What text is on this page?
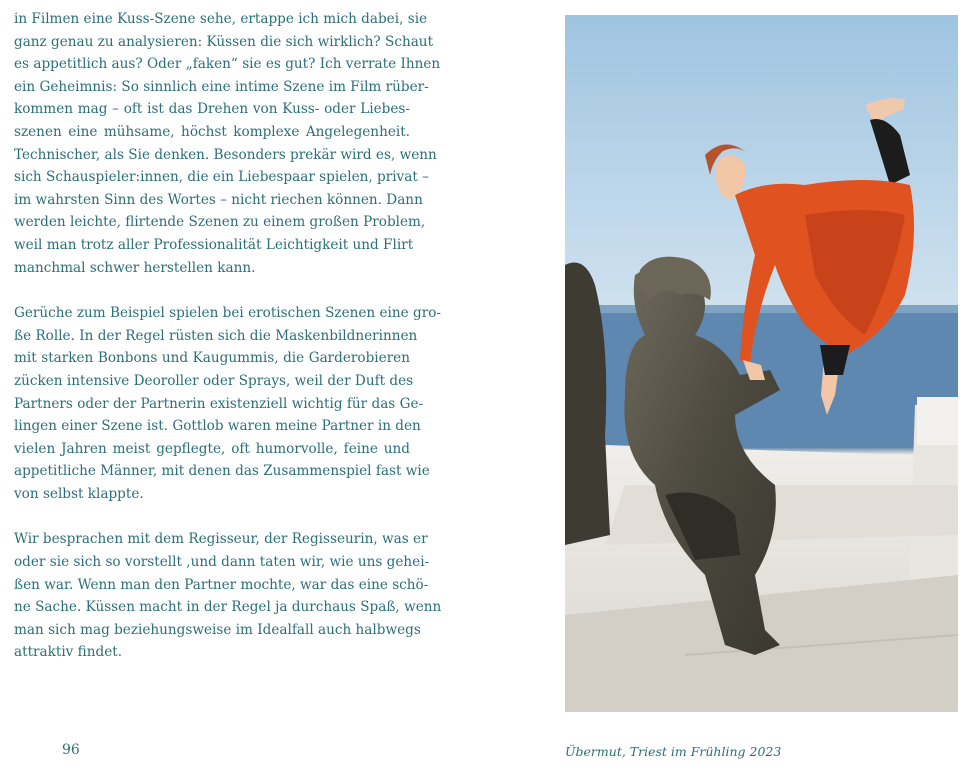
in Filmen eine Kuss-Szene sehe, ertappe ich mich dabei, sie
ganz genau zu analysieren: Küssen die sich wirklich? Schaut
es appetitlich aus? Oder „faken“ sie es gut? Ich verrate Ihnen
ein Geheimnis: So sinnlich eine intime Szene im Film rüber-
kommen mag – oft ist das Drehen von Kuss- oder Liebes-
szenen eine mühsame, höchst komplexe Angelegenheit.
Technischer, als Sie denken. Besonders prekär wird es, wenn
sich Schauspieler:innen, die ein Liebespaar spielen, privat –
im wahrsten Sinn des Wortes – nicht riechen können. Dann
werden leichte, flirtende Szenen zu einem großen Problem,
weil man trotz aller Professionalität Leichtigkeit und Flirt
manchmal schwer herstellen kann.

Gerüche zum Beispiel spielen bei erotischen Szenen eine gro-
ße Rolle. In der Regel rüsten sich die Maskenbildnerinnen
mit starken Bonbons und Kaugummis, die Garderobieren
zücken intensive Deoroller oder Sprays, weil der Duft des
Partners oder der Partnerin existenziell wichtig für das Ge-
lingen einer Szene ist. Gottlob waren meine Partner in den
vielen Jahren meist gepflegte, oft humorvolle, feine und
appetitliche Männer, mit denen das Zusammenspiel fast wie
von selbst klappte.

Wir besprachen mit dem Regisseur, der Regisseurin, was er
oder sie sich so vorstellt ,und dann taten wir, wie uns gehei-
ßen war. Wenn man den Partner mochte, war das eine schö-
ne Sache. Küssen macht in der Regel ja durchaus Spaß, wenn
man sich mag beziehungsweise im Idealfall auch halbwegs
attraktiv findet.

96	Übermut, Triest im Frühling 2023
